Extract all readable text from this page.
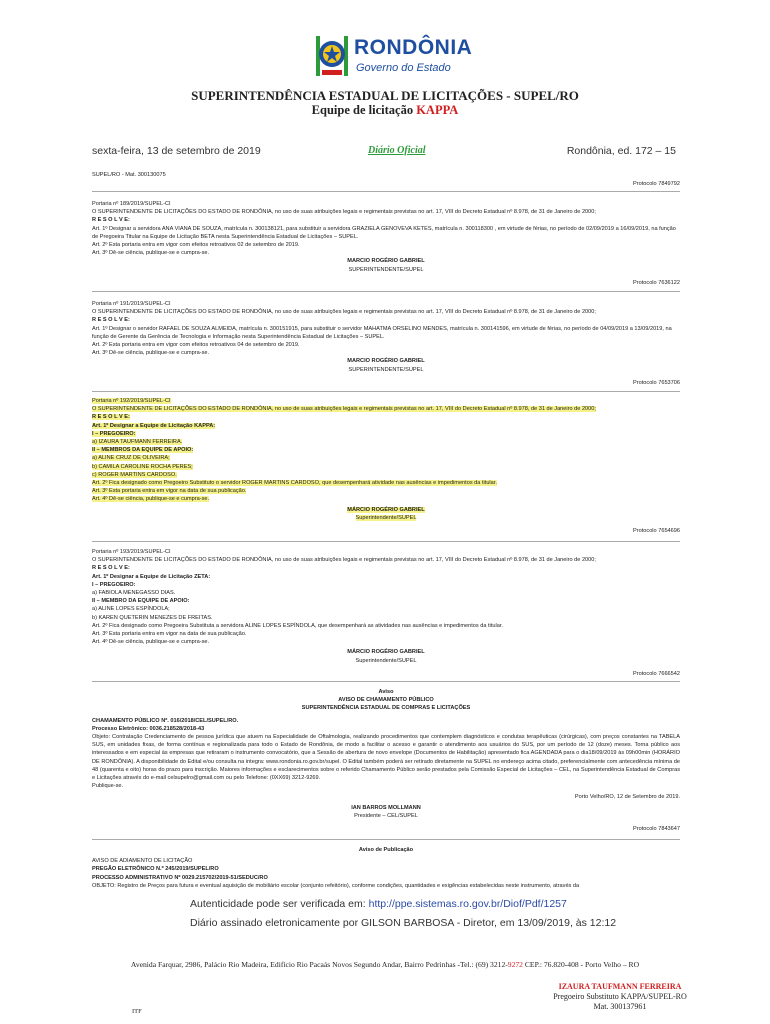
RONDÔNIA
Governo do Estado
SUPERINTENDÊNCIA ESTADUAL DE LICITAÇÕES - SUPEL/RO
Equipe de licitação KAPPA
sexta-feira, 13 de setembro de 2019	Diário Oficial	Rondônia, ed. 172 – 15
SUPEL/RO - Mat. 300130075
Protocolo 7849792
Portaria nº 189/2019/SUPEL-CI
O SUPERINTENDENTE DE LICITAÇÕES DO ESTADO DE RONDÔNIA, no uso de suas atribuições legais e regimentais previstas no art. 17, VIII do Decreto Estadual nº 8.978, de 31 de Janeiro de 2000;
R E S O L V E:
Art. 1º Designar a servidora ANA VIANA DE SOUZA, matrícula n. 300138121, para substituir a servidora GRAZIELA GENOVEVA KETES, matrícula n. 300118300 , em virtude de férias, no período de 02/09/2019 a 16/09/2019, na função de Pregoeira Titular na Equipe de Licitação BETA nesta Superintendência Estadual de Licitações – SUPEL.
Art. 2º Esta portaria entra em vigor com efeitos retroativos 02 de setembro de 2019.
Art. 3º Dê-se ciência, publique-se e cumpra-se.
MARCIO ROGÉRIO GABRIEL
SUPERINTENDENTE/SUPEL
Protocolo 7636122
Portaria nº 191/2019/SUPEL-CI
O SUPERINTENDENTE DE LICITAÇÕES DO ESTADO DE RONDÔNIA, no uso de suas atribuições legais e regimentais previstas no art. 17, VIII do Decreto Estadual nº 8.978, de 31 de Janeiro de 2000;
R E S O L V E:
Art. 1º Designar o servidor RAFAEL DE SOUZA ALMEIDA, matrícula n. 300151915, para substituir o servidor MAHATMA ORSELINO MENDES, matrícula n. 300141596, em virtude de férias, no período de 04/09/2019 a 13/09/2019, na função de Gerente da Gerência de Tecnologia e Informação nesta Superintendência Estadual de Licitações – SUPEL.
Art. 2º Esta portaria entra em vigor com efeitos retroativos 04 de setembro de 2019.
Art. 3º Dê-se ciência, publique-se e cumpra-se.
MARCIO ROGÉRIO GABRIEL
SUPERINTENDENTE/SUPEL
Protocolo 7653706
Portaria nº 192/2019/SUPEL-CI
O SUPERINTENDENTE DE LICITAÇÕES DO ESTADO DE RONDÔNIA, no uso de suas atribuições legais e regimentais previstas no art. 17, VIII do Decreto Estadual nº 8.978, de 31 de Janeiro de 2000;
R E S O L V E:
Art. 1º Designar a Equipe de Licitação KAPPA:
I – PREGOEIRO:
a) IZAURA TAUFMANN FERREIRA.
II – MEMBROS DA EQUIPE DE APOIO:
a) ALINE CRUZ DE OLIVEIRA;
b) CAMILA CAROLINE ROCHA PERES;
c) ROGER MARTINS CARDOSO.
Art. 2º Fica designado como Pregoeiro Substituto o servidor ROGER MARTINS CARDOSO, que desempenhará atividade nas ausências e impedimentos da titular.
Art. 3º Esta portaria entra em vigor na data de sua publicação.
Art. 4º Dê-se ciência, publique-se e cumpra-se.
MÁRCIO ROGÉRIO GABRIEL
Superintendente/SUPEL
Protocolo 7654696
Portaria nº 193/2019/SUPEL-CI
O SUPERINTENDENTE DE LICITAÇÕES DO ESTADO DE RONDÔNIA, no uso de suas atribuições legais e regimentais previstas no art. 17, VIII do Decreto Estadual nº 8.978, de 31 de Janeiro de 2000;
R E S O L V E:
Art. 1º Designar a Equipe de Licitação ZETA:
I – PREGOEIRO:
a) FABIOLA MENEGASSO DIAS.
II – MEMBRO DA EQUIPE DE APOIO:
a) ALINE LOPES ESPÍNDOLA;
b) KAREN QUETERIN MENEZES DE FREITAS.
Art. 2º Fica designado como Pregoeira Substituta a servidora ALINE LOPES ESPÍNDOLA, que desempenhará as atividades nas ausências e impedimentos da titular.
Art. 3º Esta portaria entra em vigor na data de sua publicação.
Art. 4º Dê-se ciência, publique-se e cumpra-se.
MÁRCIO ROGÉRIO GABRIEL
Superintendente/SUPEL
Protocolo 7666542
Aviso
AVISO DE CHAMAMENTO PÚBLICO
SUPERINTENDÊNCIA ESTADUAL DE COMPRAS E LICITAÇÕES
CHAMAMENTO PÚBLICO Nº. 016/2018/CEL/SUPEL/RO.
Processo Eletrônico: 0036.218528/2018-43
Objeto: Contratação Credenciamento de pessoa jurídica que atuem na Especialidade de Oftalmologia, realizando procedimentos que contemplem diagnósticos e condutas terapêuticas (cirúrgicas), com preços constantes na TABELA SUS, em unidades fixas, de forma contínua e regionalizada para todo o Estado de Rondônia, de modo a facilitar o acesso e garantir o atendimento aos usuários do SUS, por um período de 12 (doze) meses. Torna público aos interessados e em especial às empresas que retiraram o instrumento convocatório, que a Sessão de abertura de novo envelope (Documentos de Habilitação) apresentado fica AGENDADA para o dia18/09/2019 às 09h00min (HORÁRIO DE RONDÔNIA). A disponibilidade do Edital e/ou consulta na integra: www.rondonia.ro.gov.br/supel. O Edital também poderá ser retirado diretamente na SUPEL no endereço acima citado, preferencialmente com antecedência mínima de 48 (quarenta e oito) horas do prazo para inscrição. Maiores informações e esclarecimentos sobre o referido Chamamento Público serão prestados pela Comissão Especial de Licitações – CEL, na Superintendência Estadual de Compras e Licitações através do e-mail celsupelro@gmail.com ou pelo Telefone: (0XX69) 3212-9269.
Publique-se.
Porto Velho/RO, 12 de Setembro de 2019.
IAN BARROS MOLLMANN
Presidente – CEL/SUPEL
Protocolo 7843647
Aviso de Publicação
AVISO DE ADIAMENTO DE LICITAÇÃO
PREGÃO ELETRÔNICO N.º 245/2019/SUPEL/RO
PROCESSO ADMINISTRATIVO Nº 0029.215702/2019-51/SEDUC/RO
OBJETO: Registro de Preços para futura e eventual aquisição de mobiliário escolar (conjunto refeitório), conforme condições, quantidades e exigências estabelecidas neste instrumento, através da
Autenticidade pode ser verificada em: http://ppe.sistemas.ro.gov.br/Diof/Pdf/1257
Diário assinado eletronicamente por GILSON BARBOSA - Diretor, em 13/09/2019, às 12:12
Avenida Farquar, 2986, Palácio Rio Madeira, Edifício Rio Pacaás Novos Segundo Andar, Bairro Pedrinhas -Tel.: (69) 3212-9272 CEP.: 76.820-408 - Porto Velho – RO
IZAURA TAUFMANN FERREIRA
Pregoeiro Substituto KAPPA/SUPEL-RO
Mat. 300137961
ITF
